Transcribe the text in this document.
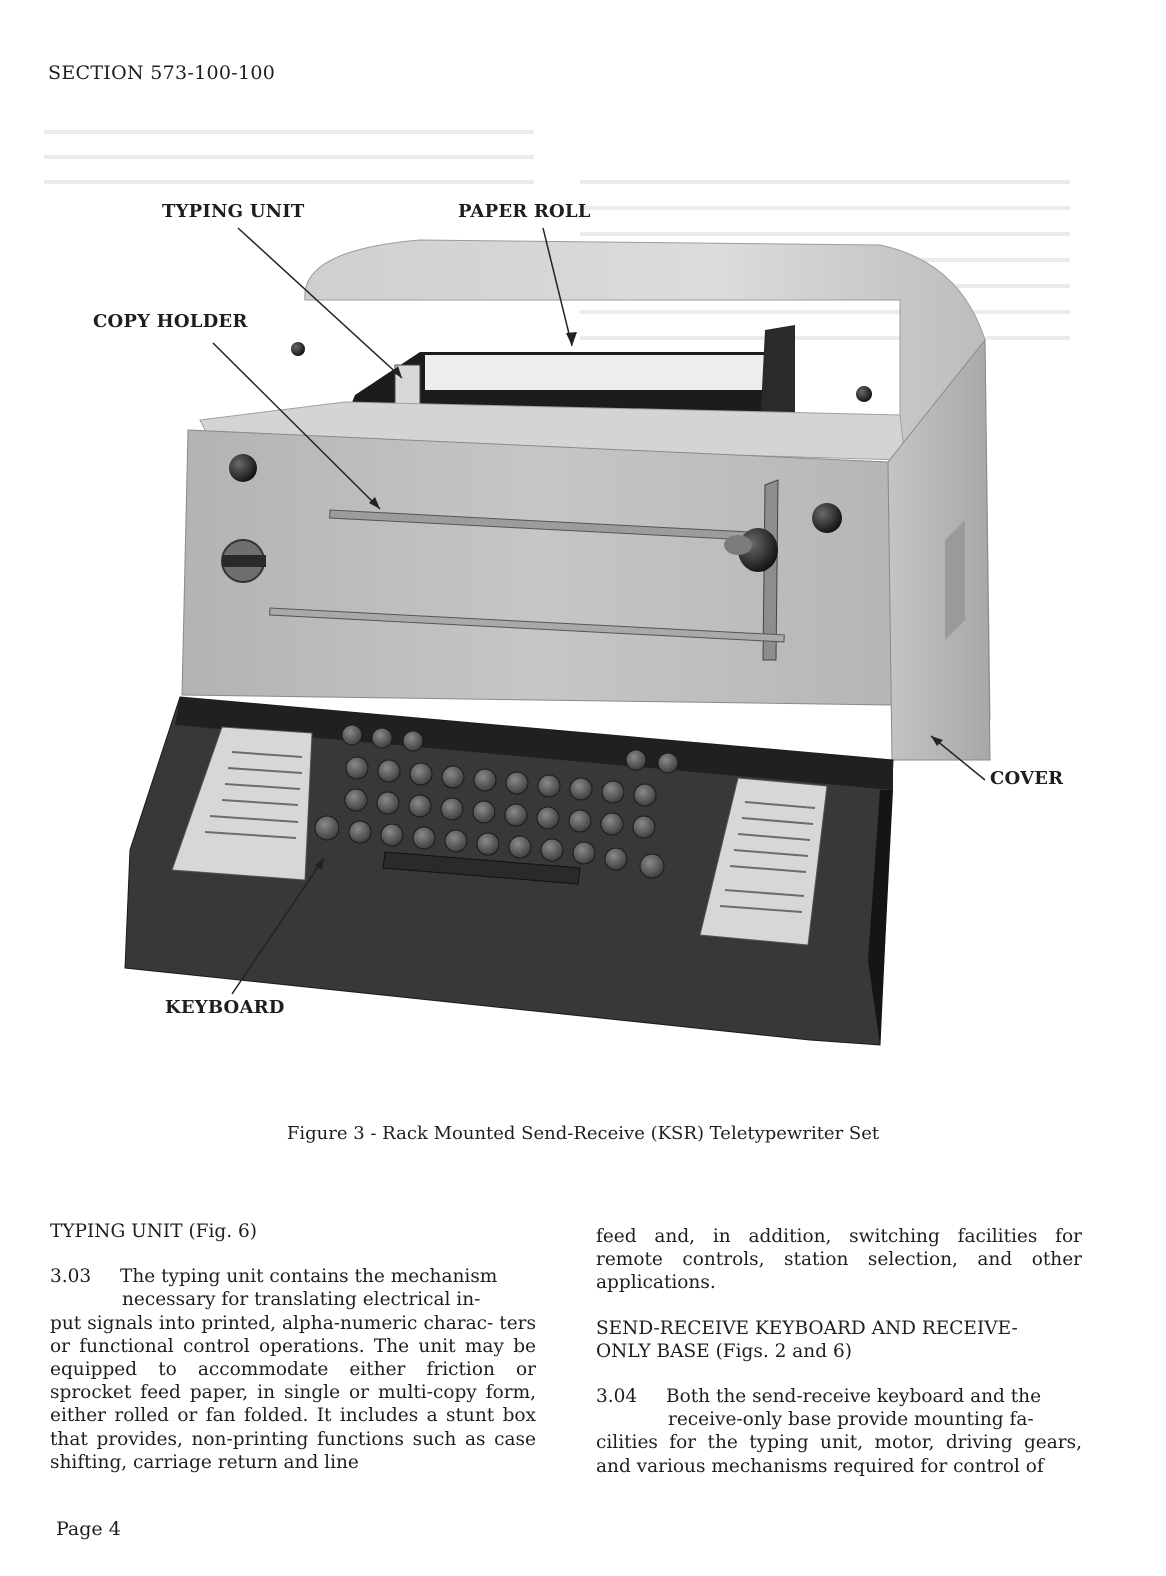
SECTION 573-100-100
TYPING UNIT	PAPER ROLL
COPY HOLDER
COVER
KEYBOARD
Figure 3 - Rack Mounted Send-Receive (KSR) Teletypewriter Set

TYPING UNIT (Fig. 6)

3.03 The typing unit contains the mechanism

necessary for translating electrical in-

put signals into printed, alpha-numeric charac- ters or functional control operations. The unit may be equipped to accommodate either friction or sprocket feed paper, in single or multi-copy form, either rolled or fan folded. It includes a stunt box that provides, non-printing functions such as case shifting, carriage return and line

feed and, in addition, switching facilities for remote controls, station selection, and other applications.

SEND-RECEIVE KEYBOARD AND RECEIVE-

ONLY BASE (Figs. 2 and 6)

3.04 Both the send-receive keyboard and the

receive-only base provide mounting fa-

cilities for the typing unit, motor, driving gears, and various mechanisms required for control of

Page 4
